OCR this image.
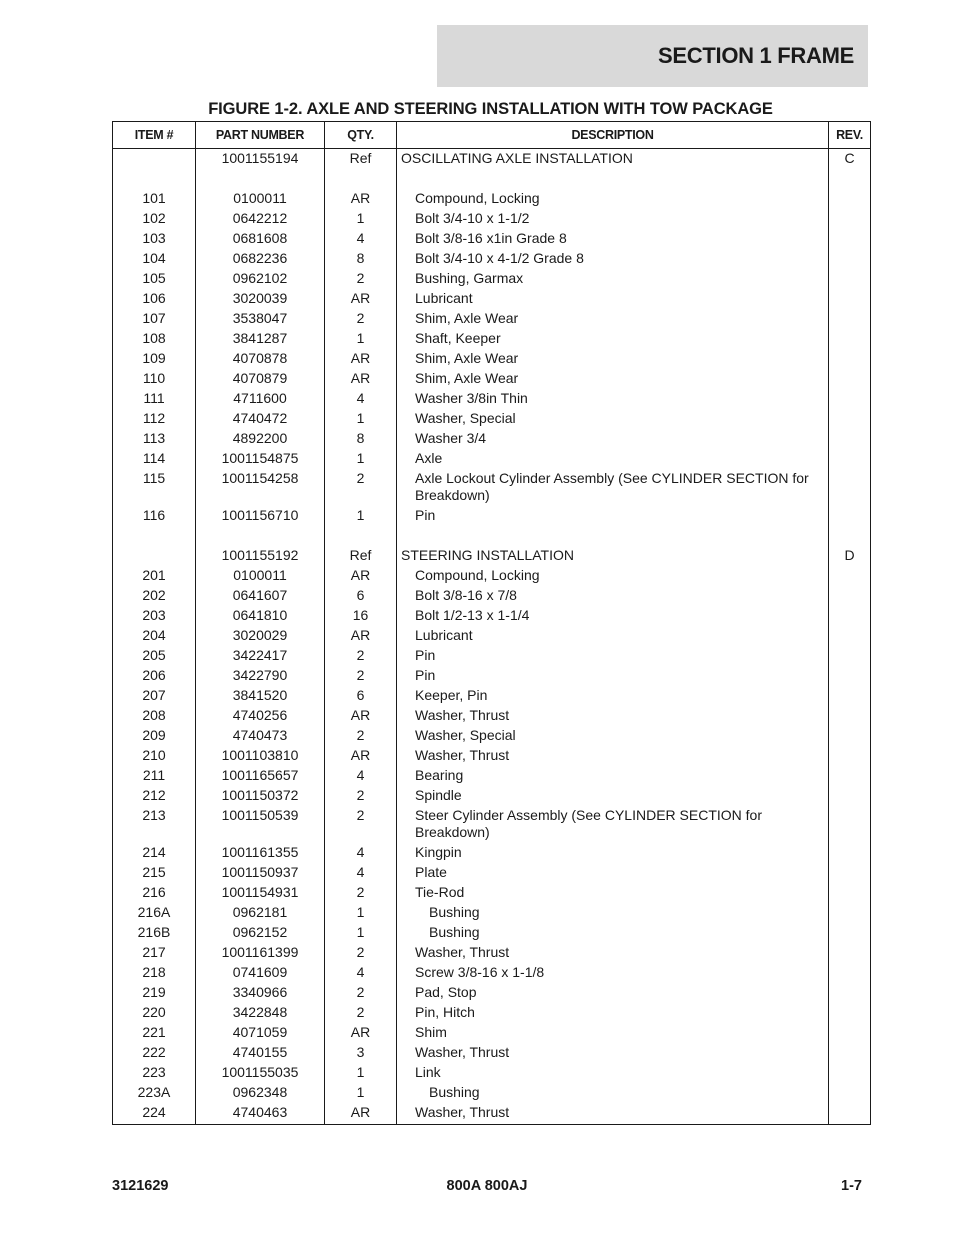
SECTION 1 FRAME
FIGURE 1-2. AXLE AND STEERING INSTALLATION WITH TOW PACKAGE
ITEM #	PART NUMBER	QTY.	DESCRIPTION	REV.
	1001155194	Ref	OSCILLATING AXLE INSTALLATION	C

101	0100011	AR	Compound, Locking	
102	0642212	1	Bolt 3/4-10 x 1-1/2	
103	0681608	4	Bolt 3/8-16 x1in Grade 8	
104	0682236	8	Bolt 3/4-10 x 4-1/2 Grade 8	
105	0962102	2	Bushing, Garmax	
106	3020039	AR	Lubricant	
107	3538047	2	Shim, Axle Wear	
108	3841287	1	Shaft, Keeper	
109	4070878	AR	Shim, Axle Wear	
110	4070879	AR	Shim, Axle Wear	
111	4711600	4	Washer 3/8in Thin	
112	4740472	1	Washer, Special	
113	4892200	8	Washer 3/4	
114	1001154875	1	Axle	
115	1001154258	2	Axle Lockout Cylinder Assembly (See CYLINDER SECTION for Breakdown)	
116	1001156710	1	Pin	

	1001155192	Ref	STEERING INSTALLATION	D
201	0100011	AR	Compound, Locking	
202	0641607	6	Bolt 3/8-16 x 7/8	
203	0641810	16	Bolt 1/2-13 x 1-1/4	
204	3020029	AR	Lubricant	
205	3422417	2	Pin	
206	3422790	2	Pin	
207	3841520	6	Keeper, Pin	
208	4740256	AR	Washer, Thrust	
209	4740473	2	Washer, Special	
210	1001103810	AR	Washer, Thrust	
211	1001165657	4	Bearing	
212	1001150372	2	Spindle	
213	1001150539	2	Steer Cylinder Assembly (See CYLINDER SECTION for Breakdown)	
214	1001161355	4	Kingpin	
215	1001150937	4	Plate	
216	1001154931	2	Tie-Rod	
216A	0962181	1	Bushing	
216B	0962152	1	Bushing	
217	1001161399	2	Washer, Thrust	
218	0741609	4	Screw 3/8-16 x 1-1/8	
219	3340966	2	Pad, Stop	
220	3422848	2	Pin, Hitch	
221	4071059	AR	Shim	
222	4740155	3	Washer, Thrust	
223	1001155035	1	Link	
223A	0962348	1	Bushing	
224	4740463	AR	Washer, Thrust	
3121629	800A 800AJ	1-7
